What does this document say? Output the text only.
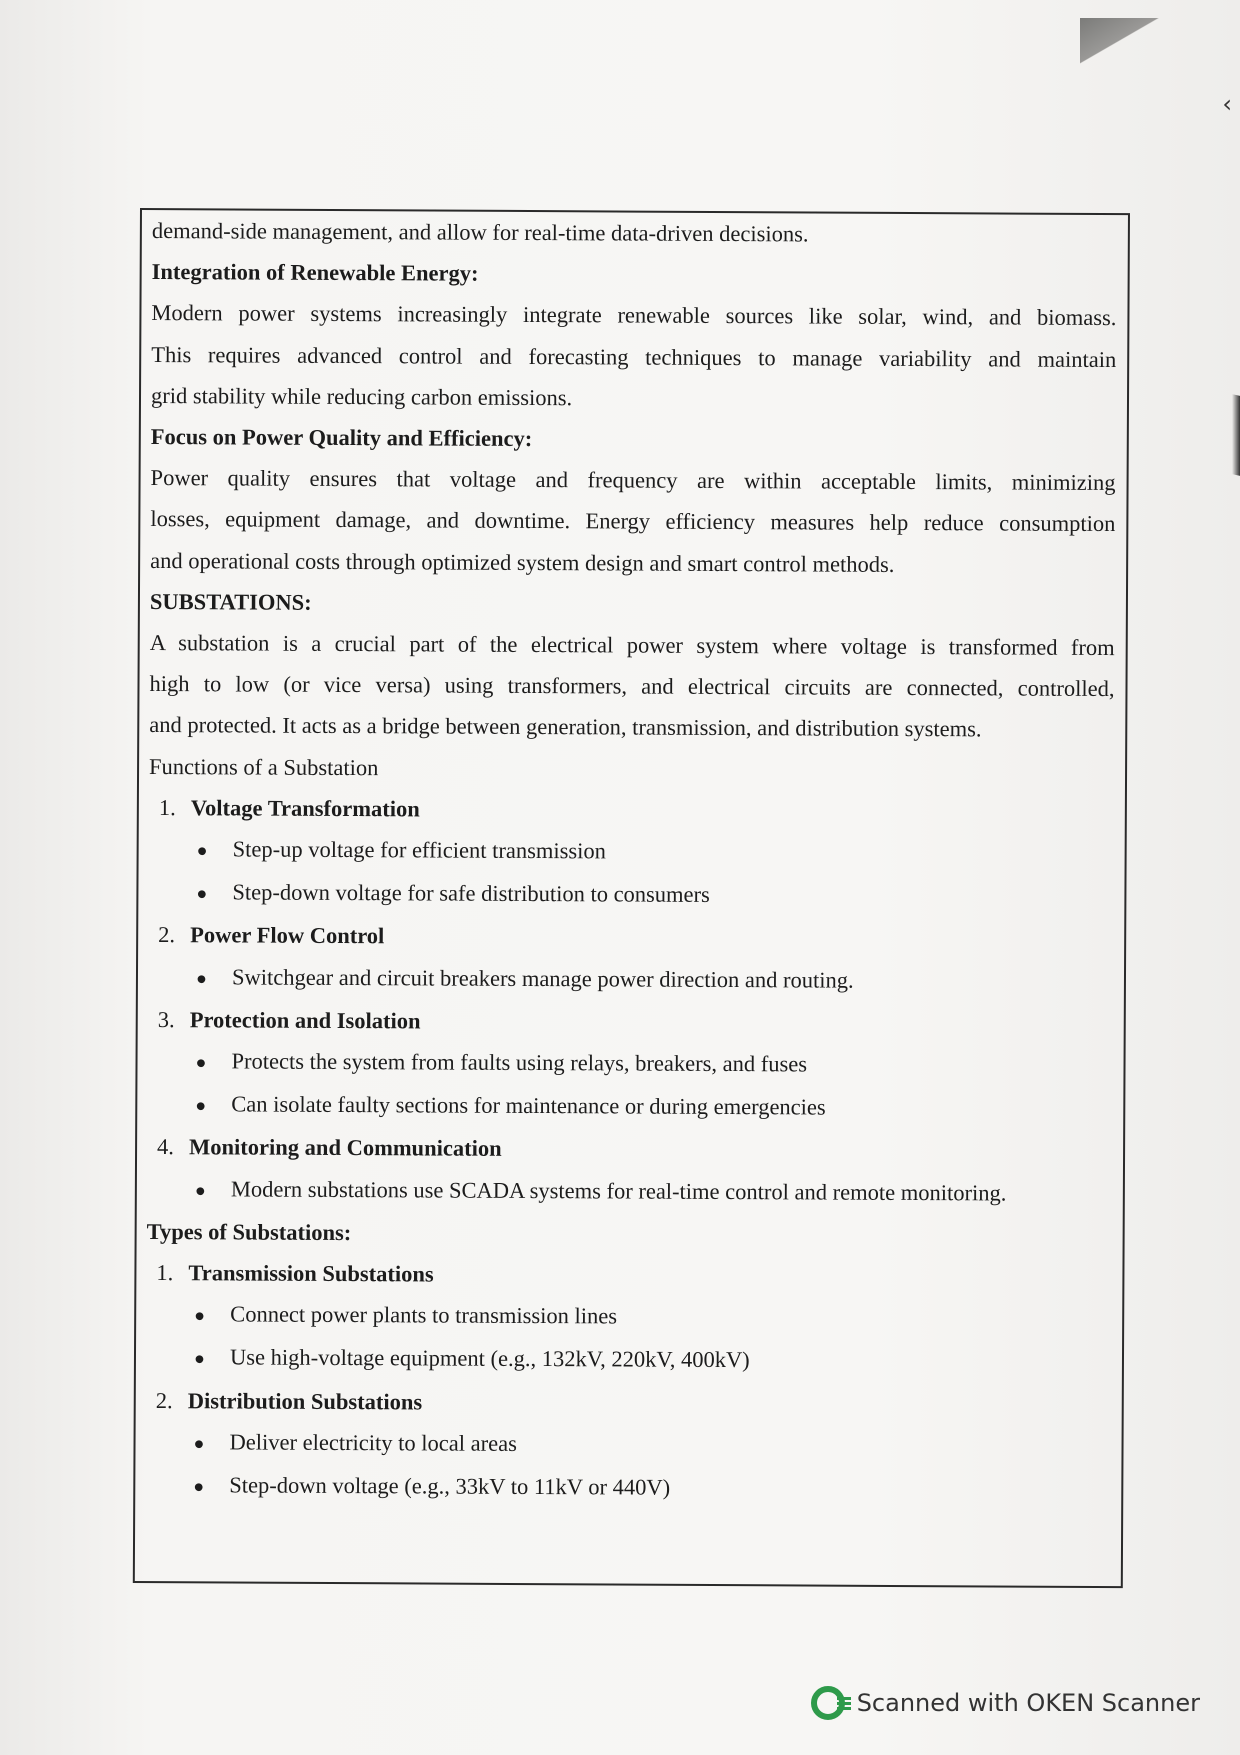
‹
demand-side management, and allow for real-time data-driven decisions.
Integration of Renewable Energy:
Modern power systems increasingly integrate renewable sources like solar, wind, and biomass.
This requires advanced control and forecasting techniques to manage variability and maintain
grid stability while reducing carbon emissions.
Focus on Power Quality and Efficiency:
Power quality ensures that voltage and frequency are within acceptable limits, minimizing
losses, equipment damage, and downtime. Energy efficiency measures help reduce consumption
and operational costs through optimized system design and smart control methods.
SUBSTATIONS:
A substation is a crucial part of the electrical power system where voltage is transformed from
high to low (or vice versa) using transformers, and electrical circuits are connected, controlled,
and protected. It acts as a bridge between generation, transmission, and distribution systems.
Functions of a Substation
1. Voltage Transformation
● Step-up voltage for efficient transmission
● Step-down voltage for safe distribution to consumers
2. Power Flow Control
● Switchgear and circuit breakers manage power direction and routing.
3. Protection and Isolation
● Protects the system from faults using relays, breakers, and fuses
● Can isolate faulty sections for maintenance or during emergencies
4. Monitoring and Communication
● Modern substations use SCADA systems for real-time control and remote monitoring.
Types of Substations:
1. Transmission Substations
● Connect power plants to transmission lines
● Use high-voltage equipment (e.g., 132kV, 220kV, 400kV)
2. Distribution Substations
● Deliver electricity to local areas
● Step-down voltage (e.g., 33kV to 11kV or 440V)
Scanned with OKEN Scanner
